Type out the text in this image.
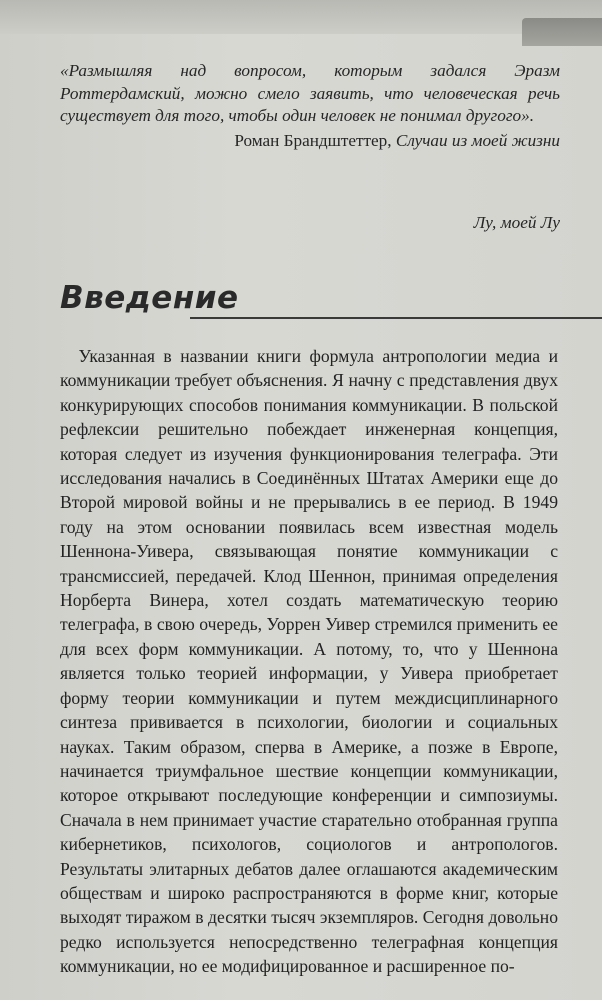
«Размышляя над вопросом, которым задался Эразм Роттердамский, можно смело заявить, что человеческая речь существует для того, чтобы один человек не понимал другого».

Роман Брандштеттер, Случаи из моей жизни

Лу, моей Лу
Введение

Указанная в названии книги формула антропологии медиа и коммуникации требует объяснения. Я начну с представления двух конкурирующих способов понимания коммуникации. В польской рефлексии решительно побеждает инженерная концепция, которая следует из изучения функционирования телеграфа. Эти исследования начались в Соединённых Штатах Америки еще до Второй мировой войны и не прерывались в ее период. В 1949 году на этом основании появилась всем известная модель Шеннона-Уивера, связывающая понятие коммуникации с трансмиссией, передачей. Клод Шеннон, принимая определения Норберта Винера, хотел создать математическую теорию телеграфа, в свою очередь, Уоррен Уивер стремился применить ее для всех форм коммуникации. А потому, то, что у Шеннона является только теорией информации, у Уивера приобретает форму теории коммуникации и путем междисциплинарного синтеза прививается в психологии, биологии и социальных науках. Таким образом, сперва в Америке, а позже в Европе, начинается триумфальное шествие концепции коммуникации, которое открывают последующие конференции и симпозиумы. Сначала в нем принимает участие старательно отобранная группа кибернетиков, психологов, социологов и антропологов. Результаты элитарных дебатов далее оглашаются академическим обществам и широко распространяются в форме книг, которые выходят тиражом в десятки тысяч экземпляров. Сегодня довольно редко используется непосредственно телеграфная концепция коммуникации, но ее модифицированное и расширенное по-
